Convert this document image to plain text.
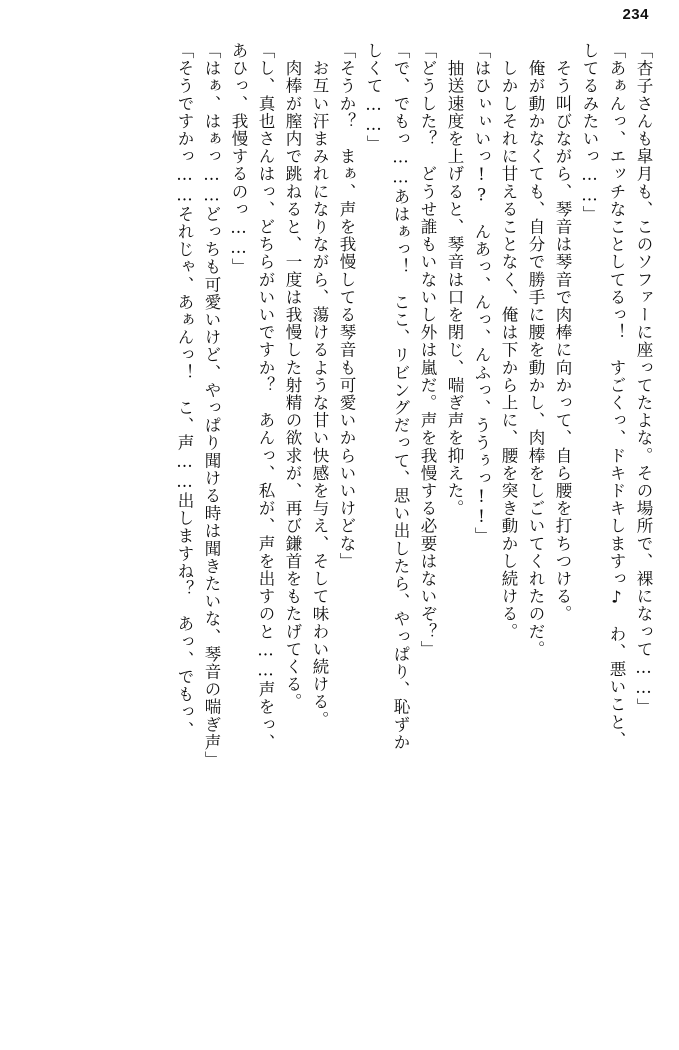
234
「杏子さんも皐月も、このソファーに座ってたよな。その場所で、裸になって……」
「あぁんっ、エッチなことしてるっ！　すごくっ、ドキドキしますっ♪　わ、悪いこと、
してるみたいっ……」
　そう叫びながら、琴音は琴音で肉棒に向かって、自ら腰を打ちつける。
　俺が動かなくても、自分で勝手に腰を動かし、肉棒をしごいてくれたのだ。
　しかしそれに甘えることなく、俺は下から上に、腰を突き動かし続ける。
「はひぃぃいっ!?　んあっ、んっ、んふっ、ううぅっ!!」
　抽送速度を上げると、琴音は口を閉じ、喘ぎ声を抑えた。
「どうした？　どうせ誰もいないし外は嵐だ。声を我慢する必要はないぞ？」
「で、でもっ……あはぁっ！　ここ、リビングだって、思い出したら、やっぱり、恥ずか
しくて……」
「そうか？　まぁ、声を我慢してる琴音も可愛いからいいけどな」
　お互い汗まみれになりながら、蕩けるような甘い快感を与え、そして味わい続ける。
　肉棒が膣内で跳ねると、一度は我慢した射精の欲求が、再び鎌首をもたげてくる。
「し、真也さんはっ、どちらがいいですか？　あんっ、私が、声を出すのと……声をっ、
あひっ、我慢するのっ……」
「はぁ、はぁっ……どっちも可愛いけど、やっぱり聞ける時は聞きたいな、琴音の喘ぎ声」
「そうですかっ……それじゃ、あぁんっ！　こ、声……出しますね？　あっ、でもっ、
